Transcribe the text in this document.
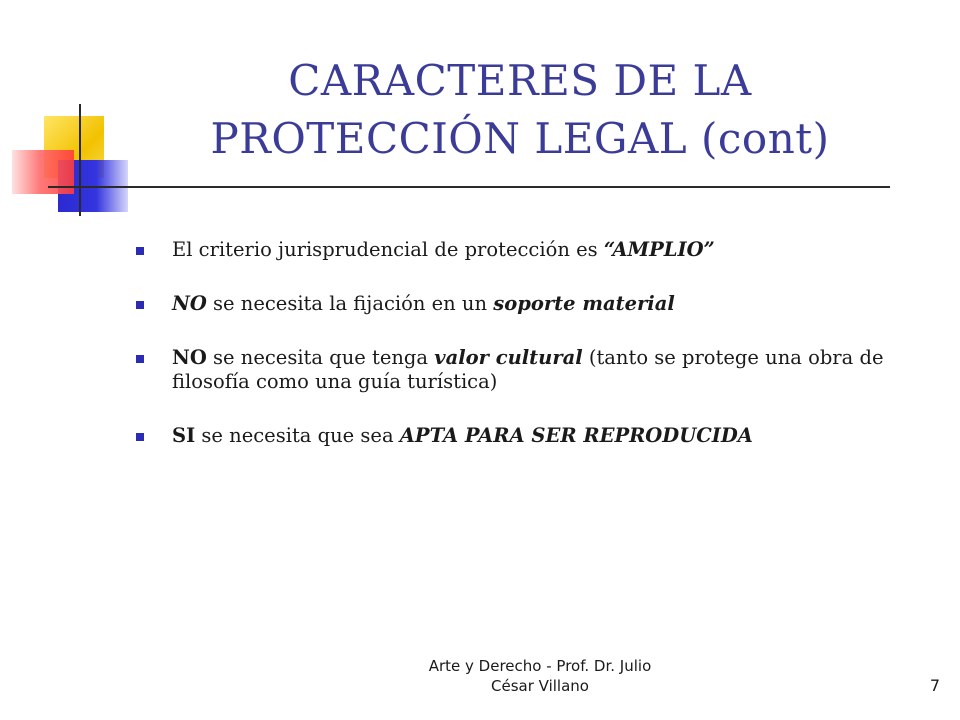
CARACTERES DE LA
PROTECCIÓN LEGAL (cont)
El criterio jurisprudencial de protección es “AMPLIO”
NO se necesita la fijación en un soporte material
NO se necesita que tenga valor cultural (tanto se protege una obra de filosofía como una guía turística)
SI se necesita que sea APTA PARA SER REPRODUCIDA
Arte y Derecho - Prof. Dr. Julio
César Villano	7
